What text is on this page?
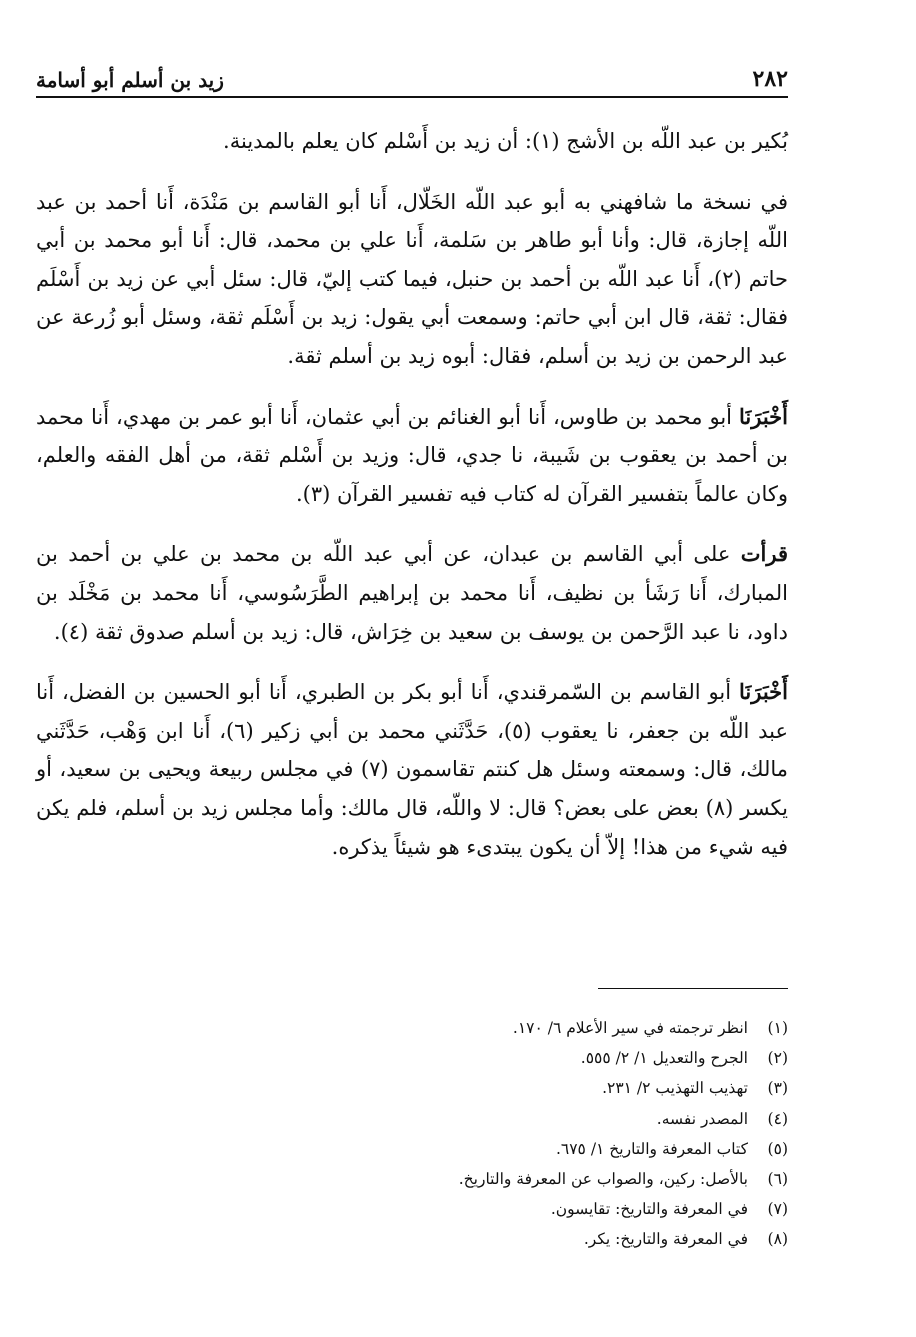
٢٨٢
زيد بن أسلم أبو أسامة

بُكير بن عبد اللّه بن الأشج (١): أن زيد بن أَسْلم كان يعلم بالمدينة.

في نسخة ما شافهني به أبو عبد اللّه الخَلّال، أَنا أبو القاسم بن مَنْدَة، أَنا أحمد بن عبد اللّه إجازة، قال: وأنا أبو طاهر بن سَلمة، أَنا علي بن محمد، قال: أَنا أبو محمد بن أبي حاتم (٢)، أَنا عبد اللّه بن أحمد بن حنبل، فيما كتب إليّ، قال: سئل أبي عن زيد بن أَسْلَم فقال: ثقة، قال ابن أبي حاتم: وسمعت أبي يقول: زيد بن أَسْلَم ثقة، وسئل أبو زُرعة عن عبد الرحمن بن زيد بن أسلم، فقال: أبوه زيد بن أسلم ثقة.

أَخْبَرَنَا أبو محمد بن طاوس، أَنا أبو الغنائم بن أبي عثمان، أَنا أبو عمر بن مهدي، أَنا محمد بن أحمد بن يعقوب بن شَيبة، نا جدي، قال: وزيد بن أَسْلم ثقة، من أهل الفقه والعلم، وكان عالماً بتفسير القرآن له كتاب فيه تفسير القرآن (٣).

قرأت على أبي القاسم بن عبدان، عن أبي عبد اللّه بن محمد بن علي بن أحمد بن المبارك، أَنا رَشَأ بن نظيف، أَنا محمد بن إبراهيم الطَّرَسُوسي، أَنا محمد بن مَخْلَد بن داود، نا عبد الرَّحمن بن يوسف بن سعيد بن خِرَاش، قال: زيد بن أسلم صدوق ثقة (٤).

أَخْبَرَنَا أبو القاسم بن السّمرقندي، أَنا أبو بكر بن الطبري، أَنا أبو الحسين بن الفضل، أَنا عبد اللّه بن جعفر، نا يعقوب (٥)، حَدَّثَني محمد بن أبي زكير (٦)، أَنا ابن وَهْب، حَدَّثَني مالك، قال: وسمعته وسئل هل كنتم تقاسمون (٧) في مجلس ربيعة ويحيى بن سعيد، أو يكسر (٨) بعض على بعض؟ قال: لا واللّه، قال مالك: وأما مجلس زيد بن أسلم، فلم يكن فيه شيء من هذا! إلاّ أن يكون يبتدىء هو شيئاً يذكره.

(١)
انظر ترجمته في سير الأعلام ٦/ ١٧٠.
(٢)
الجرح والتعديل ١/ ٢/ ٥٥٥.
(٣)
تهذيب التهذيب ٢/ ٢٣١.
(٤)
المصدر نفسه.
(٥)
كتاب المعرفة والتاريخ ١/ ٦٧٥.
(٦)
بالأصل: ركين، والصواب عن المعرفة والتاريخ.
(٧)
في المعرفة والتاريخ: تقايسون.
(٨)
في المعرفة والتاريخ: يكر.
